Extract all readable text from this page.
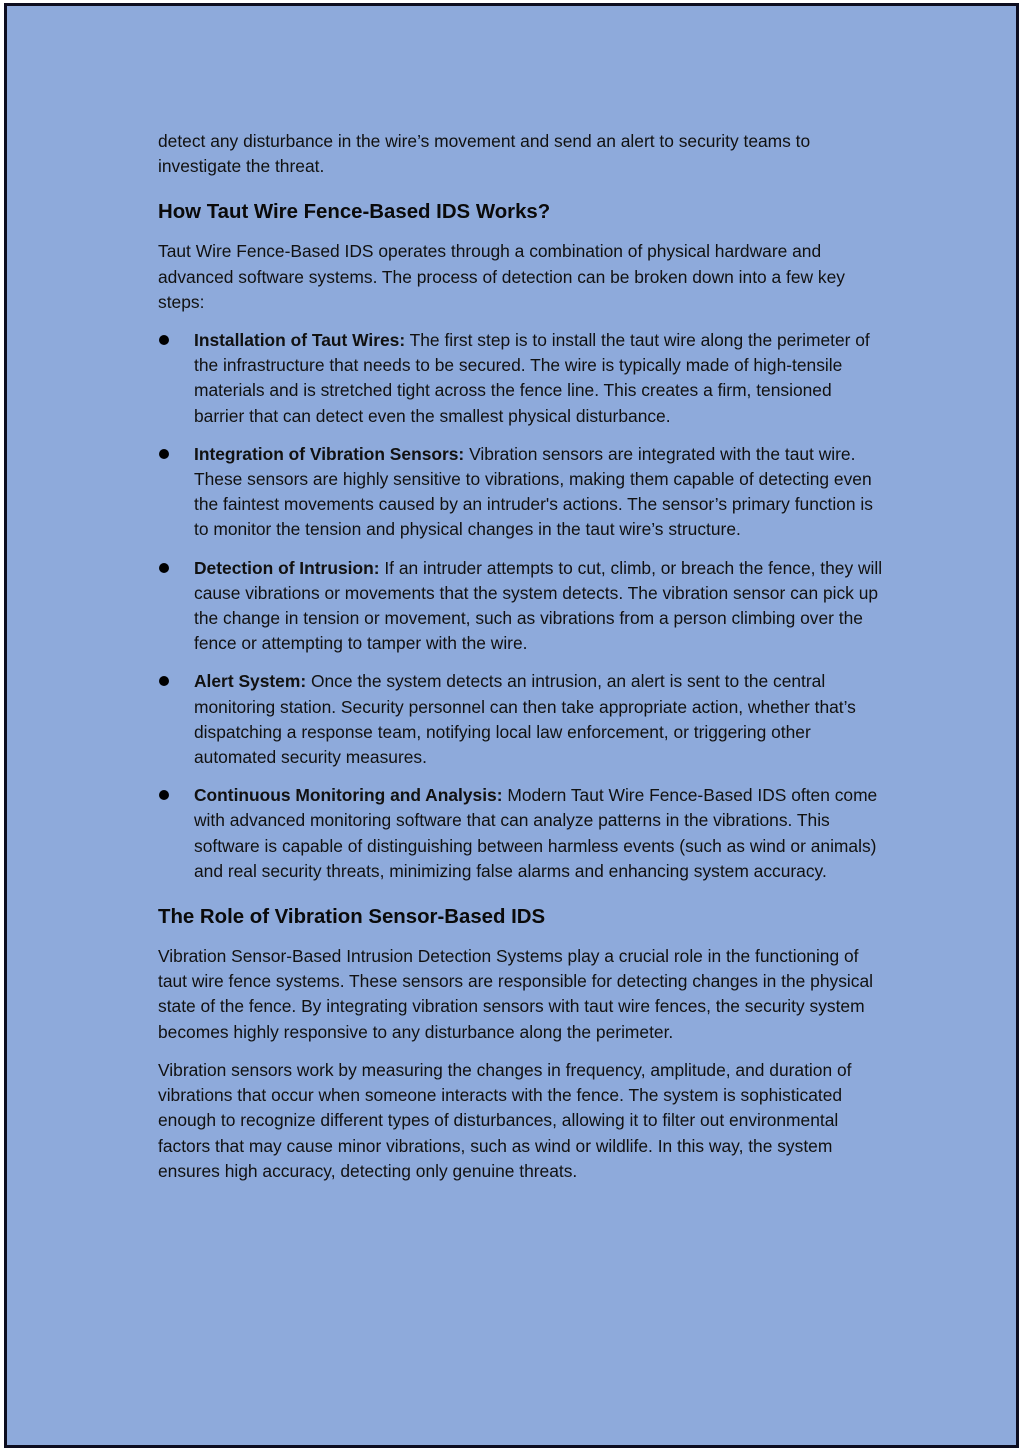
detect any disturbance in the wire’s movement and send an alert to security teams to investigate the threat.

How Taut Wire Fence-Based IDS Works?

Taut Wire Fence-Based IDS operates through a combination of physical hardware and advanced software systems. The process of detection can be broken down into a few key steps:

Installation of Taut Wires: The first step is to install the taut wire along the perimeter of the infrastructure that needs to be secured. The wire is typically made of high-tensile materials and is stretched tight across the fence line. This creates a firm, tensioned barrier that can detect even the smallest physical disturbance.
Integration of Vibration Sensors: Vibration sensors are integrated with the taut wire. These sensors are highly sensitive to vibrations, making them capable of detecting even the faintest movements caused by an intruder's actions. The sensor’s primary function is to monitor the tension and physical changes in the taut wire’s structure.
Detection of Intrusion: If an intruder attempts to cut, climb, or breach the fence, they will cause vibrations or movements that the system detects. The vibration sensor can pick up the change in tension or movement, such as vibrations from a person climbing over the fence or attempting to tamper with the wire.
Alert System: Once the system detects an intrusion, an alert is sent to the central monitoring station. Security personnel can then take appropriate action, whether that’s dispatching a response team, notifying local law enforcement, or triggering other automated security measures.
Continuous Monitoring and Analysis: Modern Taut Wire Fence-Based IDS often come with advanced monitoring software that can analyze patterns in the vibrations. This software is capable of distinguishing between harmless events (such as wind or animals) and real security threats, minimizing false alarms and enhancing system accuracy.
The Role of Vibration Sensor-Based IDS

Vibration Sensor-Based Intrusion Detection Systems play a crucial role in the functioning of taut wire fence systems. These sensors are responsible for detecting changes in the physical state of the fence. By integrating vibration sensors with taut wire fences, the security system becomes highly responsive to any disturbance along the perimeter.

Vibration sensors work by measuring the changes in frequency, amplitude, and duration of vibrations that occur when someone interacts with the fence. The system is sophisticated enough to recognize different types of disturbances, allowing it to filter out environmental factors that may cause minor vibrations, such as wind or wildlife. In this way, the system ensures high accuracy, detecting only genuine threats.
